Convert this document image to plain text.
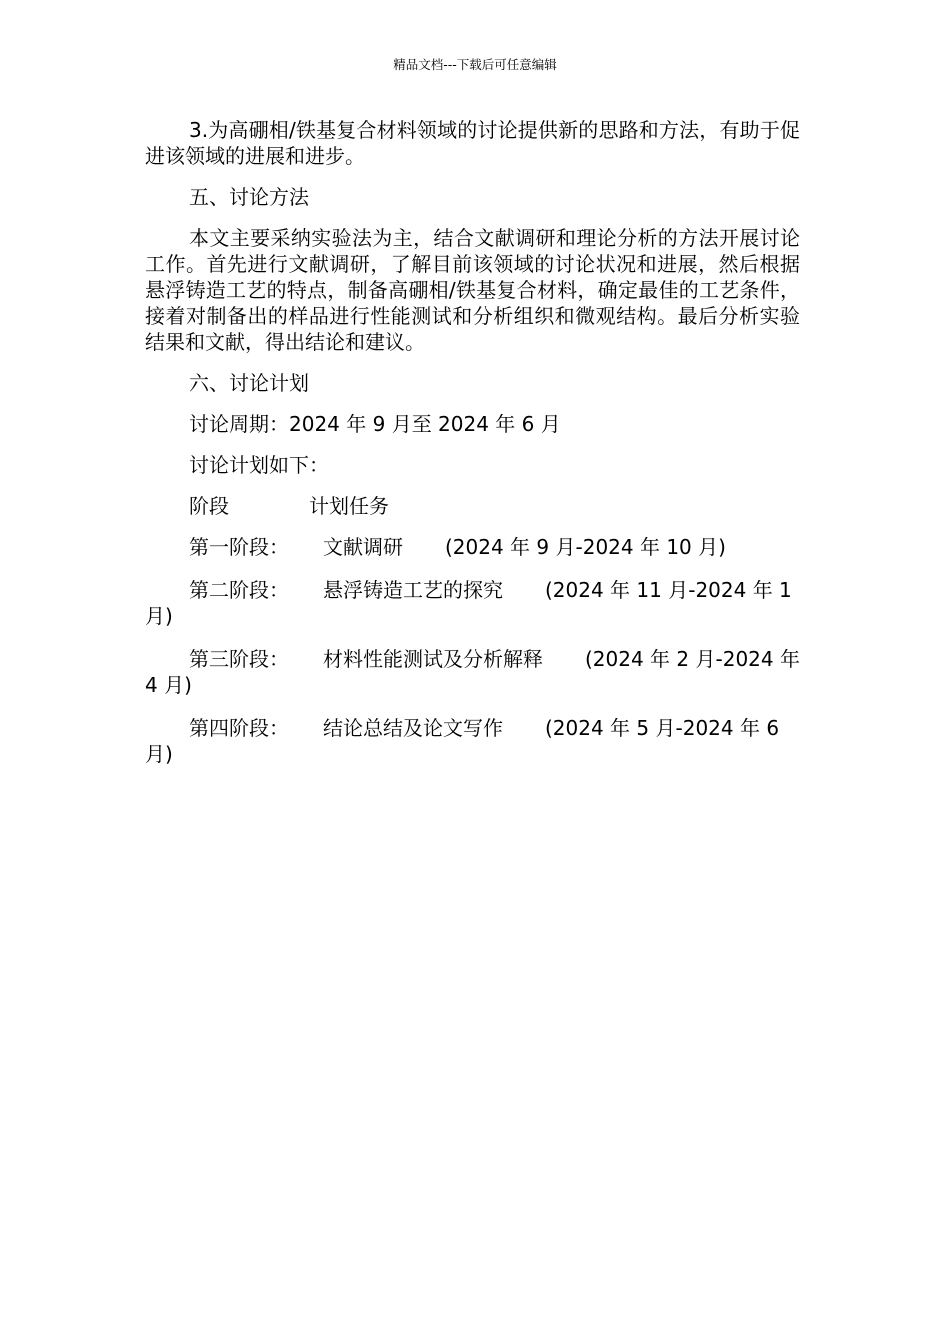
精品文档---下载后可任意编辑

3.为高硼相/铁基复合材料领域的讨论提供新的思路和方法，有助于促进该领域的进展和进步。

五、讨论方法

本文主要采纳实验法为主，结合文献调研和理论分析的方法开展讨论工作。首先进行文献调研，了解目前该领域的讨论状况和进展，然后根据悬浮铸造工艺的特点，制备高硼相/铁基复合材料，确定最佳的工艺条件，接着对制备出的样品进行性能测试和分析组织和微观结构。最后分析实验结果和文献，得出结论和建议。

六、讨论计划

讨论周期：2024 年 9 月至 2024 年 6 月

讨论计划如下：

阶段	计划任务

第一阶段： 文献调研 (2024 年 9 月-2024 年 10 月)

第二阶段： 悬浮铸造工艺的探究 (2024 年 11 月-2024 年 1 月)

第三阶段： 材料性能测试及分析解释 (2024 年 2 月-2024 年 4 月)

第四阶段： 结论总结及论文写作 (2024 年 5 月-2024 年 6 月)
